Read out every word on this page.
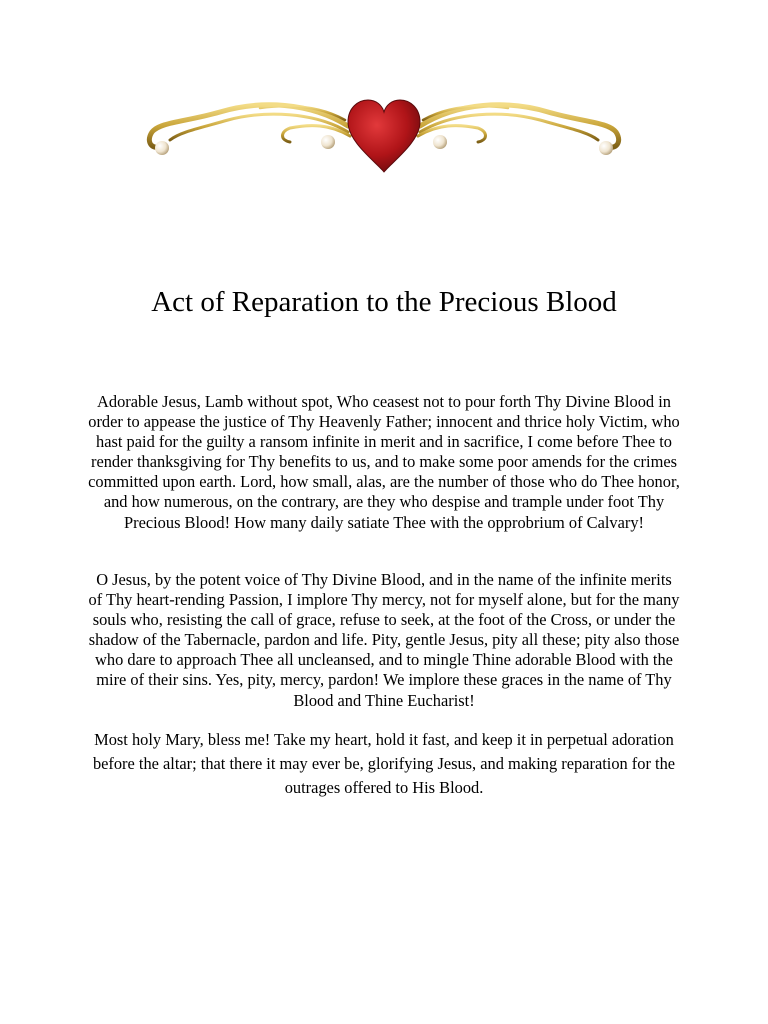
Act of Reparation to the Precious Blood

Adorable Jesus, Lamb without spot, Who ceasest not to pour forth Thy Divine Blood in order to appease the justice of Thy Heavenly Father; innocent and thrice holy Victim, who hast paid for the guilty a ransom infinite in merit and in sacrifice, I come before Thee to render thanksgiving for Thy benefits to us, and to make some poor amends for the crimes committed upon earth. Lord, how small, alas, are the number of those who do Thee honor, and how numerous, on the contrary, are they who despise and trample under foot Thy Precious Blood! How many daily satiate Thee with the opprobrium of Calvary!

O Jesus, by the potent voice of Thy Divine Blood, and in the name of the infinite merits of Thy heart-rending Passion, I implore Thy mercy, not for myself alone, but for the many souls who, resisting the call of grace, refuse to seek, at the foot of the Cross, or under the shadow of the Tabernacle, pardon and life. Pity, gentle Jesus, pity all these; pity also those who dare to approach Thee all uncleansed, and to mingle Thine adorable Blood with the mire of their sins. Yes, pity, mercy, pardon! We implore these graces in the name of Thy Blood and Thine Eucharist!

Most holy Mary, bless me! Take my heart, hold it fast, and keep it in perpetual adoration before the altar; that there it may ever be, glorifying Jesus, and making reparation for the outrages offered to His Blood.
